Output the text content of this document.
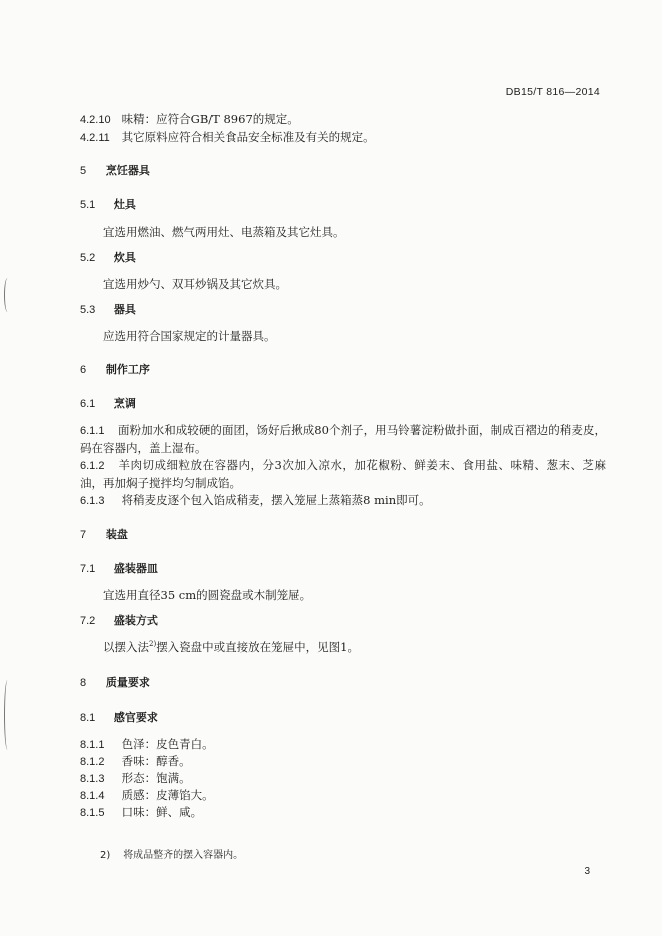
DB15/T 816—2014
4.2.10 味精：应符合GB/T 8967的规定。
4.2.11 其它原料应符合相关食品安全标准及有关的规定。
5 烹饪器具
5.1 灶具
宜选用燃油、燃气两用灶、电蒸箱及其它灶具。
5.2 炊具
宜选用炒勺、双耳炒锅及其它炊具。
5.3 器具
应选用符合国家规定的计量器具。
6 制作工序
6.1 烹调
6.1.1 面粉加水和成较硬的面团，饧好后揪成80个剂子，用马铃薯淀粉做扑面，制成百褶边的稍麦皮，码在容器内，盖上湿布。
6.1.2 羊肉切成细粒放在容器内，分3次加入凉水，加花椒粉、鲜姜末、食用盐、味精、葱末、芝麻油，再加焖子搅拌均匀制成馅。
6.1.3 将稍麦皮逐个包入馅成稍麦，摆入笼屉上蒸箱蒸8 min即可。
7 装盘
7.1 盛装器皿
宜选用直径35 cm的圆瓷盘或木制笼屉。
7.2 盛装方式
以摆入法$^{2)}$摆入瓷盘中或直接放在笼屉中，见图1。
8 质量要求
8.1 感官要求
8.1.1 色泽：皮色青白。
8.1.2 香味：醇香。
8.1.3 形态：饱满。
8.1.4 质感：皮薄馅大。
8.1.5 口味：鲜、咸。
2) 将成品整齐的摆入容器内。
3
